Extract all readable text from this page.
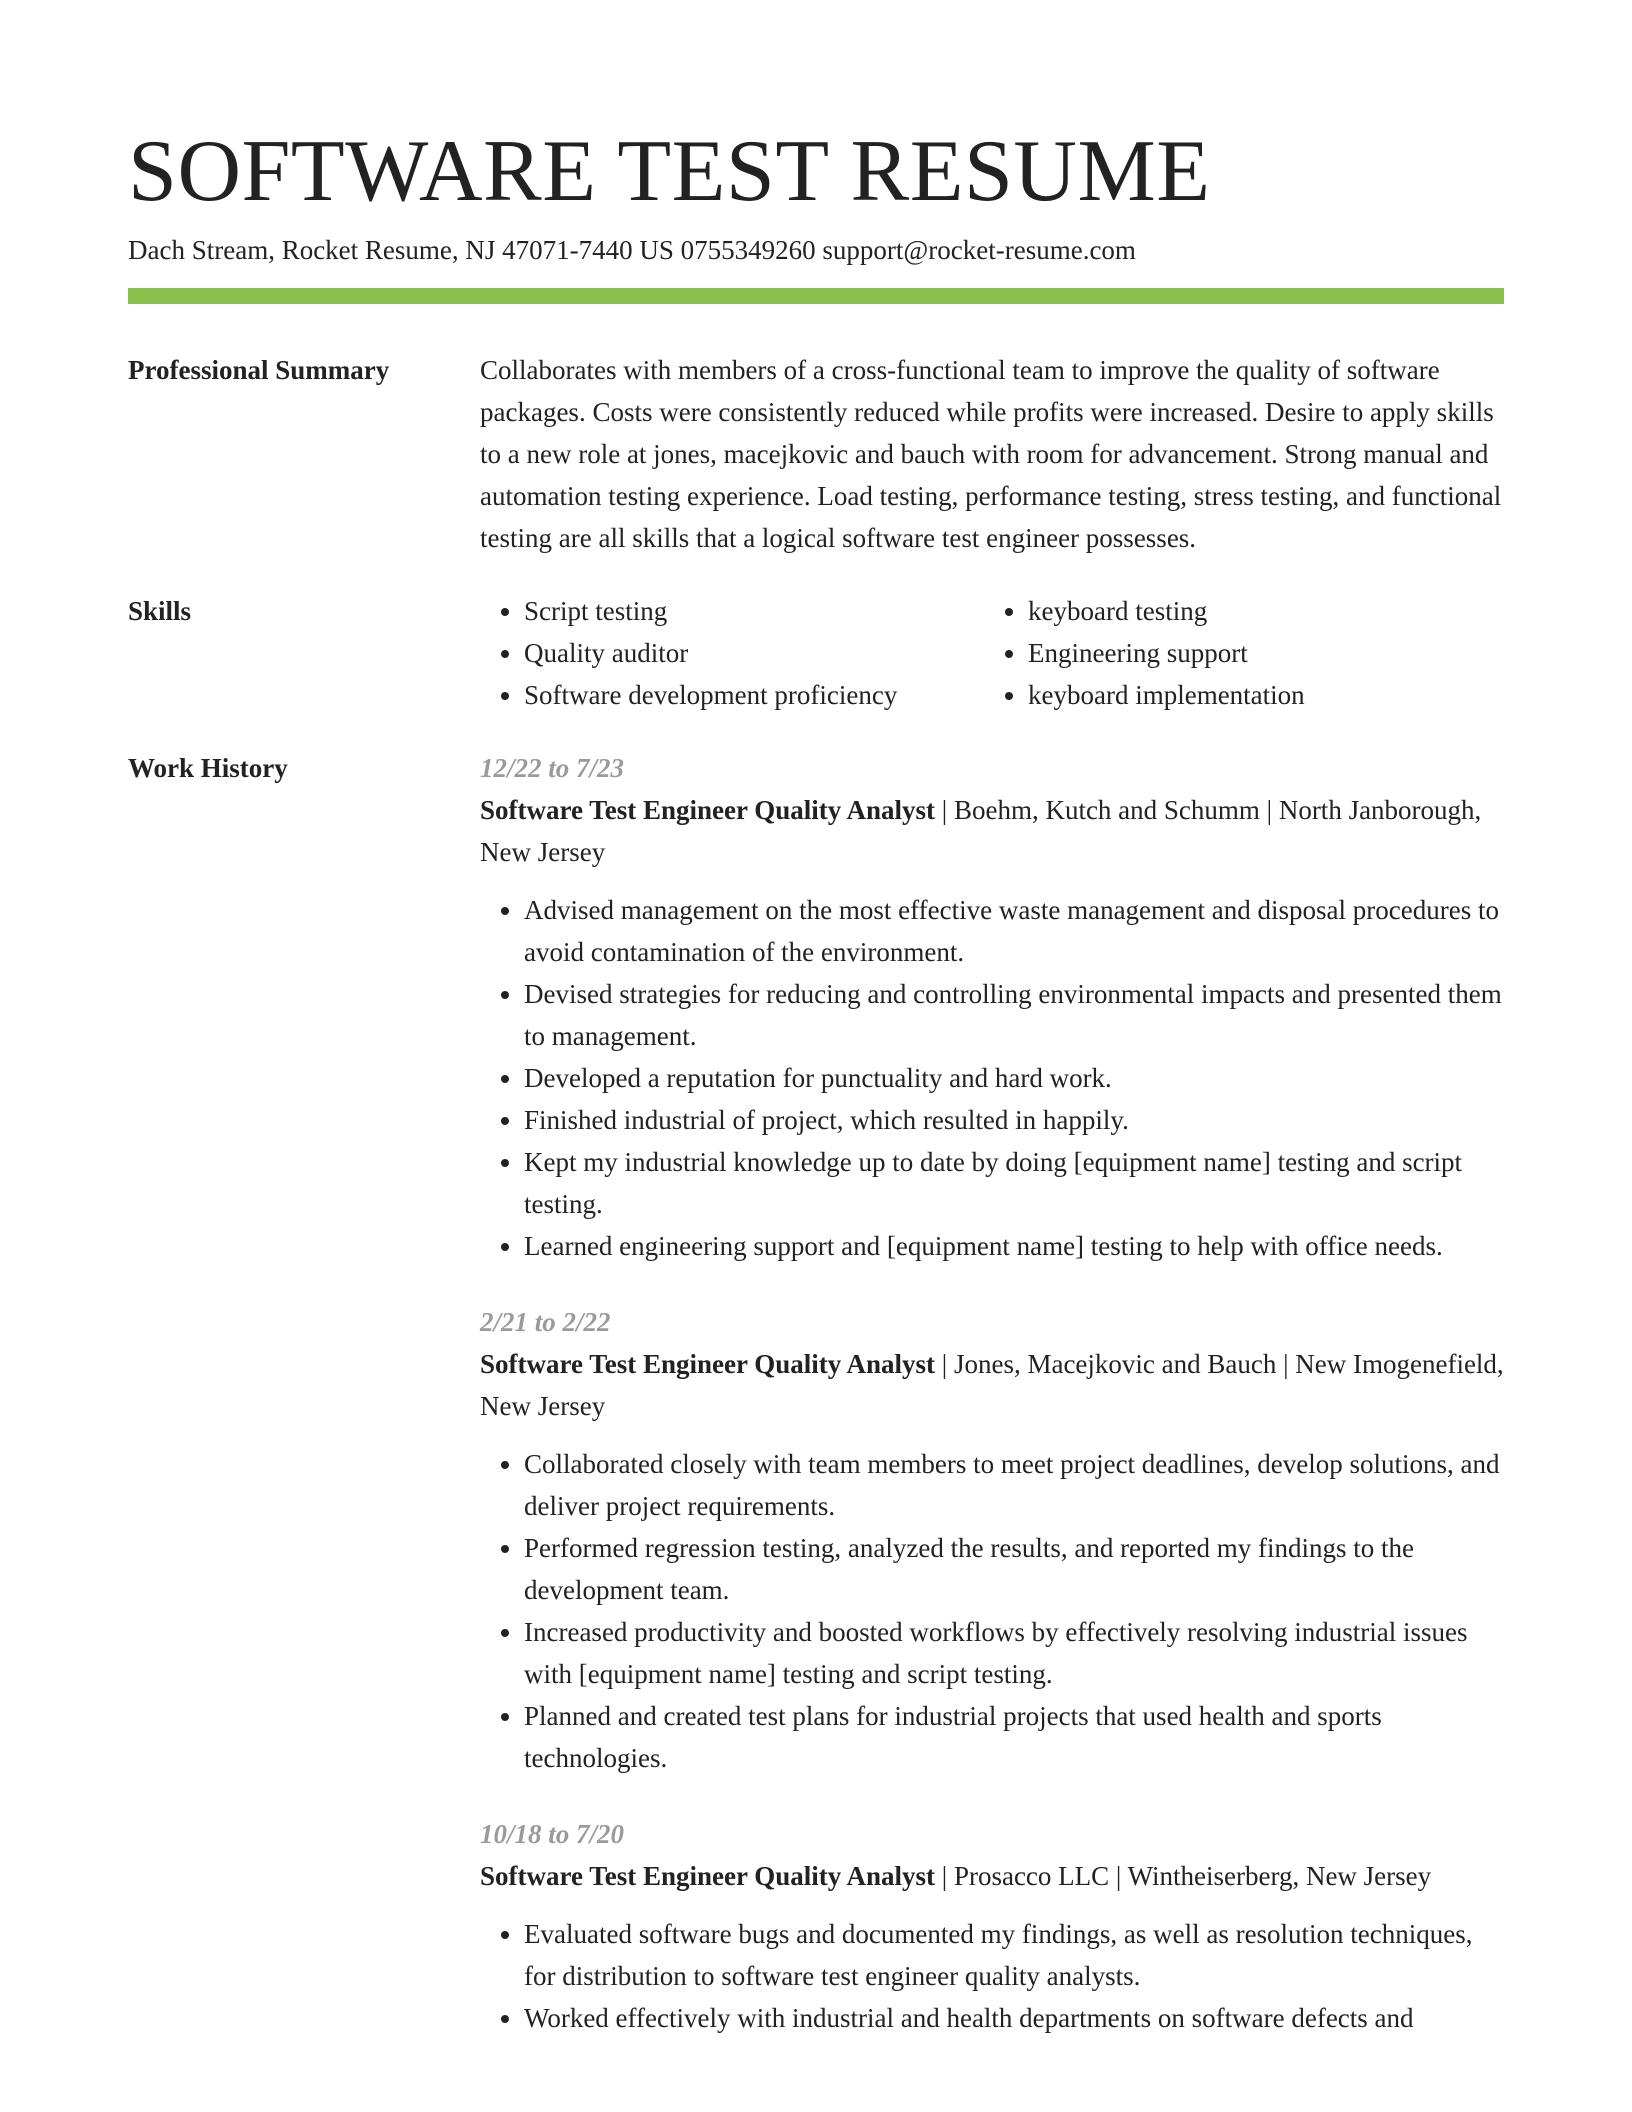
SOFTWARE TEST RESUME
Dach Stream, Rocket Resume, NJ 47071-7440 US 0755349260 support@rocket-resume.com
Professional Summary	Collaborates with members of a cross-functional team to improve the quality of software packages. Costs were consistently reduced while profits were increased. Desire to apply skills to a new role at jones, macejkovic and bauch with room for advancement. Strong manual and automation testing experience. Load testing, performance testing, stress testing, and functional testing are all skills that a logical software test engineer possesses.

Skills
•	Script testing
• Quality auditor
• Software development proficiency
• keyboard testing
• Engineering support
• keyboard implementation
Work History	12/22 to 7/23
Software Test Engineer Quality Analyst | Boehm, Kutch and Schumm | North Janborough, New Jersey
• Advised management on the most effective waste management and disposal procedures to avoid contamination of the environment.
• Devised strategies for reducing and controlling environmental impacts and presented them to management.
• Developed a reputation for punctuality and hard work.
• Finished industrial of project, which resulted in happily.
• Kept my industrial knowledge up to date by doing [equipment name] testing and script testing.
• Learned engineering support and [equipment name] testing to help with office needs.
2/21 to 2/22
Software Test Engineer Quality Analyst | Jones, Macejkovic and Bauch | New Imogenefield, New Jersey
• Collaborated closely with team members to meet project deadlines, develop solutions, and deliver project requirements.
• Performed regression testing, analyzed the results, and reported my findings to the development team.
• Increased productivity and boosted workflows by effectively resolving industrial issues with [equipment name] testing and script testing.
• Planned and created test plans for industrial projects that used health and sports technologies.
10/18 to 7/20
Software Test Engineer Quality Analyst | Prosacco LLC | Wintheiserberg, New Jersey
• Evaluated software bugs and documented my findings, as well as resolution techniques, for distribution to software test engineer quality analysts.
• Worked effectively with industrial and health departments on software defects and
